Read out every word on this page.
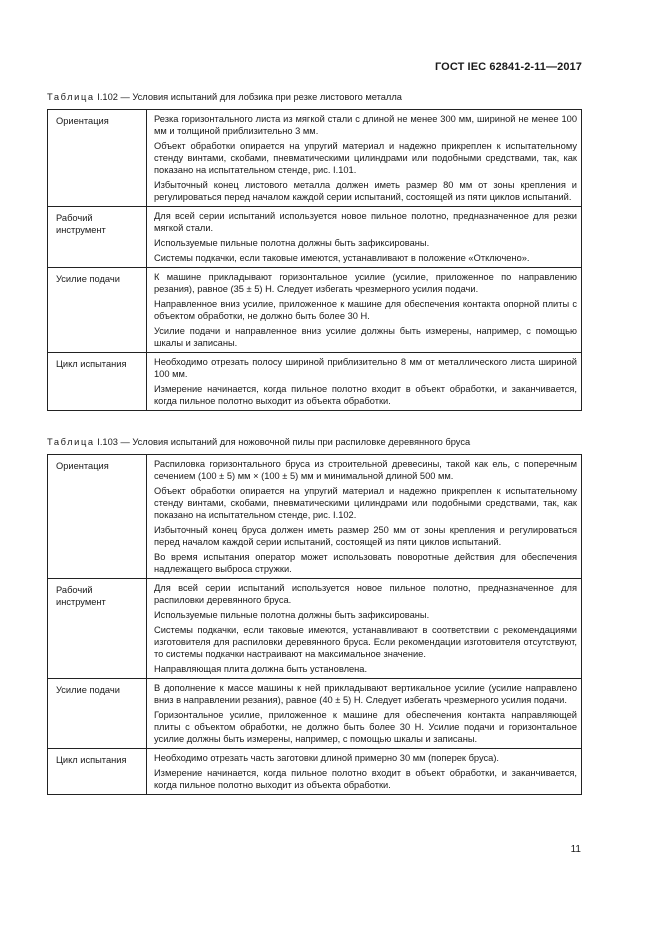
ГОСТ IEC 62841-2-11—2017
Таблица I.102 — Условия испытаний для лобзика при резке листового металла
Ориентация	Резка горизонтального листа из мягкой стали с длиной не менее 300 мм, шириной не менее 100 мм и толщиной приблизительно 3 мм.

Объект обработки опирается на упругий материал и надежно прикреплен к испытательному стенду винтами, скобами, пневматическими цилиндрами или подобными средствами, так, как показано на испытательном стенде, рис. I.101.

Избыточный конец листового металла должен иметь размер 80 мм от зоны крепления и регулироваться перед началом каждой серии испытаний, состоящей из пяти циклов испытаний.

Рабочий инструмент	Для всей серии испытаний используется новое пильное полотно, предназначенное для резки мягкой стали.

Используемые пильные полотна должны быть зафиксированы.

Системы подкачки, если таковые имеются, устанавливают в положение «Отключено».

Усилие подачи	К машине прикладывают горизонтальное усилие (усилие, приложенное по направлению резания), равное (35 ± 5) Н. Следует избегать чрезмерного усилия подачи.

Направленное вниз усилие, приложенное к машине для обеспечения контакта опорной плиты с объектом обработки, не должно быть более 30 Н.

Усилие подачи и направленное вниз усилие должны быть измерены, например, с помощью шкалы и записаны.

Цикл испытания	Необходимо отрезать полосу шириной приблизительно 8 мм от металлического листа шириной 100 мм.

Измерение начинается, когда пильное полотно входит в объект обработки, и заканчивается, когда пильное полотно выходит из объекта обработки.

Таблица I.103 — Условия испытаний для ножовочной пилы при распиловке деревянного бруса
Ориентация	Распиловка горизонтального бруса из строительной древесины, такой как ель, с поперечным сечением (100 ± 5) мм × (100 ± 5) мм и минимальной длиной 500 мм.

Объект обработки опирается на упругий материал и надежно прикреплен к испытательному стенду винтами, скобами, пневматическими цилиндрами или подобными средствами, так, как показано на испытательном стенде, рис. I.102.

Избыточный конец бруса должен иметь размер 250 мм от зоны крепления и регулироваться перед началом каждой серии испытаний, состоящей из пяти циклов испытаний.

Во время испытания оператор может использовать поворотные действия для обеспечения надлежащего выброса стружки.

Рабочий инструмент	Для всей серии испытаний используется новое пильное полотно, предназначенное для распиловки деревянного бруса.

Используемые пильные полотна должны быть зафиксированы.

Системы подкачки, если таковые имеются, устанавливают в соответствии с рекомендациями изготовителя для распиловки деревянного бруса. Если рекомендации изготовителя отсутствуют, то системы подкачки настраивают на максимальное значение.

Направляющая плита должна быть установлена.

Усилие подачи	В дополнение к массе машины к ней прикладывают вертикальное усилие (усилие направлено вниз в направлении резания), равное (40 ± 5) Н. Следует избегать чрезмерного усилия подачи.

Горизонтальное усилие, приложенное к машине для обеспечения контакта направляющей плиты с объектом обработки, не должно быть более 30 Н. Усилие подачи и горизонтальное усилие должны быть измерены, например, с помощью шкалы и записаны.

Цикл испытания	Необходимо отрезать часть заготовки длиной примерно 30 мм (поперек бруса).

Измерение начинается, когда пильное полотно входит в объект обработки, и заканчивается, когда пильное полотно выходит из объекта обработки.

11
